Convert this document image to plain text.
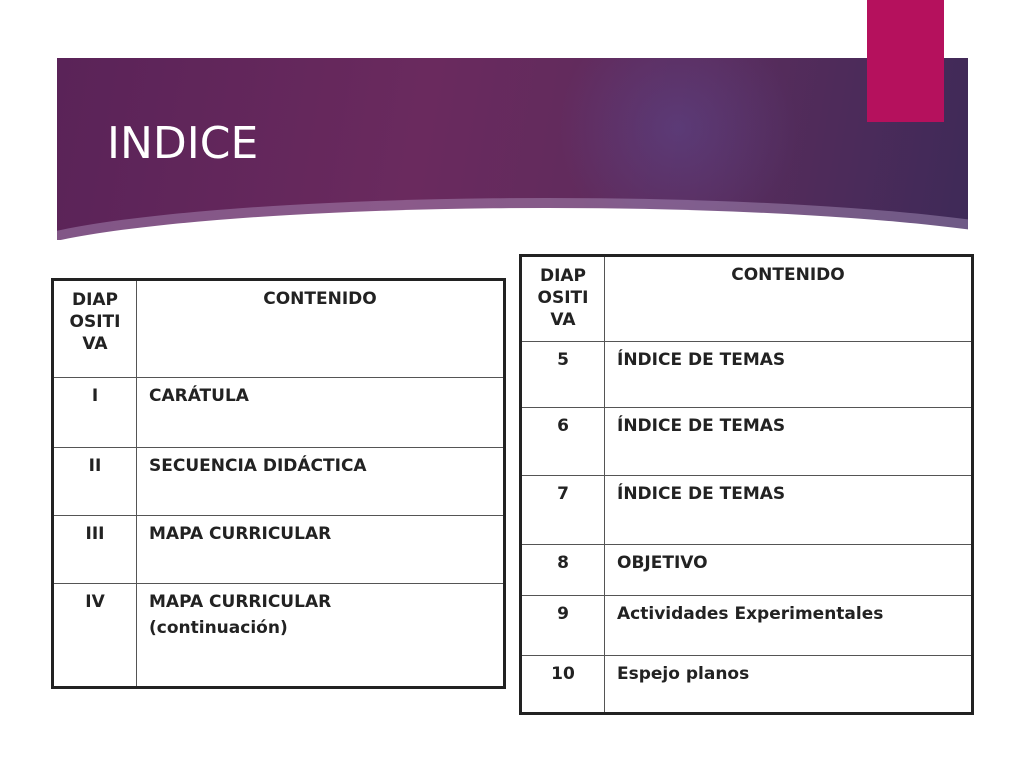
INDICE
DIAP OSITI VA	CONTENIDO
I	CARÁTULA
II	SECUENCIA DIDÁCTICA
III	MAPA CURRICULAR
IV	MAPA CURRICULAR
(continuación)
DIAP OSITI VA	CONTENIDO
5	ÍNDICE DE TEMAS
6	ÍNDICE DE TEMAS
7	ÍNDICE DE TEMAS
8	OBJETIVO
9	Actividades Experimentales
10	Espejo planos
